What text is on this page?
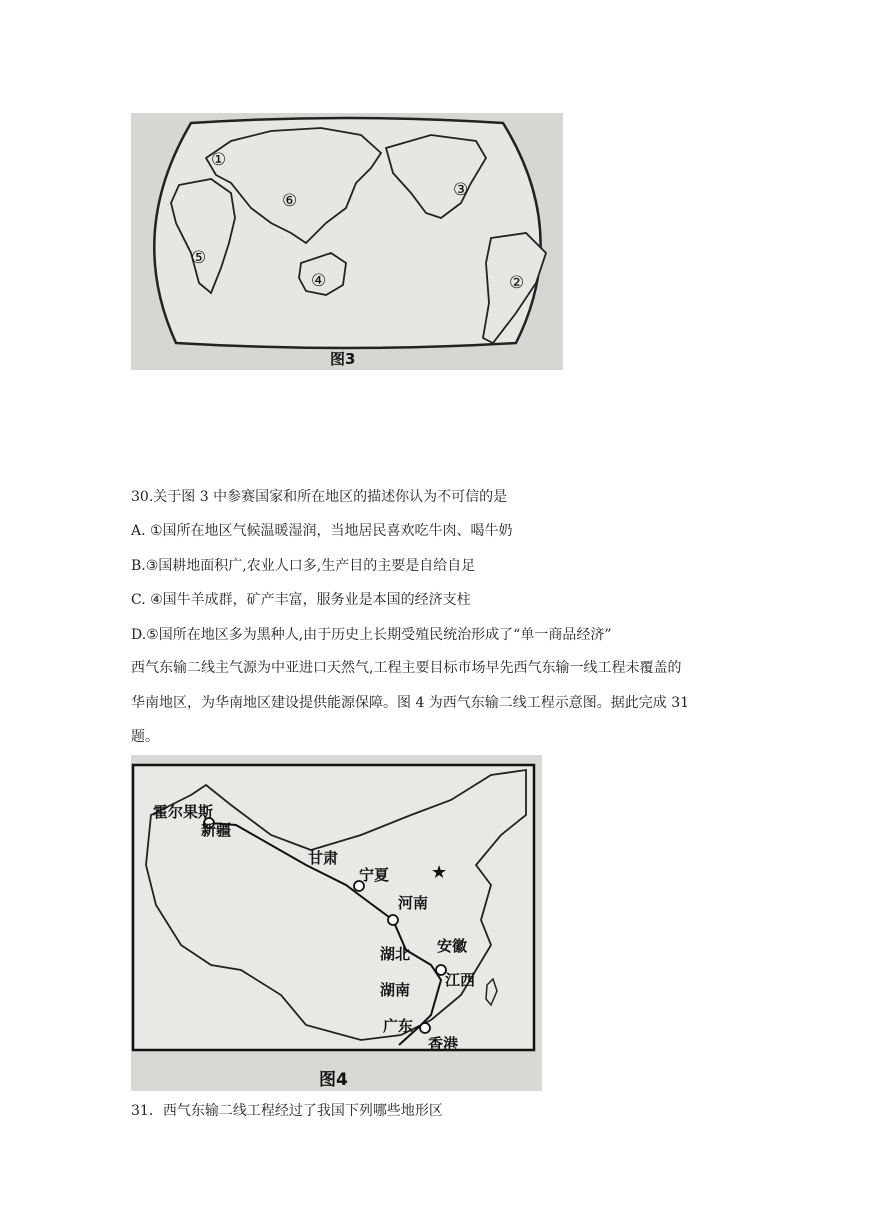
①
②
③
④
⑤
⑥
图3
30.关于图 3 中参赛国家和所在地区的描述你认为不可信的是
A. ①国所在地区气候温暖湿润，当地居民喜欢吃牛肉、喝牛奶
B.③国耕地面积广,农业人口多,生产目的主要是自给自足
C. ④国牛羊成群，矿产丰富，服务业是本国的经济支柱
D.⑤国所在地区多为黑种人,由于历史上长期受殖民统治形成了“单一商品经济”
西气东输二线主气源为中亚进口天然气,工程主要目标市场早先西气东输一线工程未覆盖的
华南地区，为华南地区建设提供能源保障。图 4 为西气东输二线工程示意图。据此完成 31
题。
★
霍尔果斯
新疆
甘肃
宁夏
河南
安徽
湖北
湖南
江西
广东
香港
图4
31．西气东输二线工程经过了我国下列哪些地形区
